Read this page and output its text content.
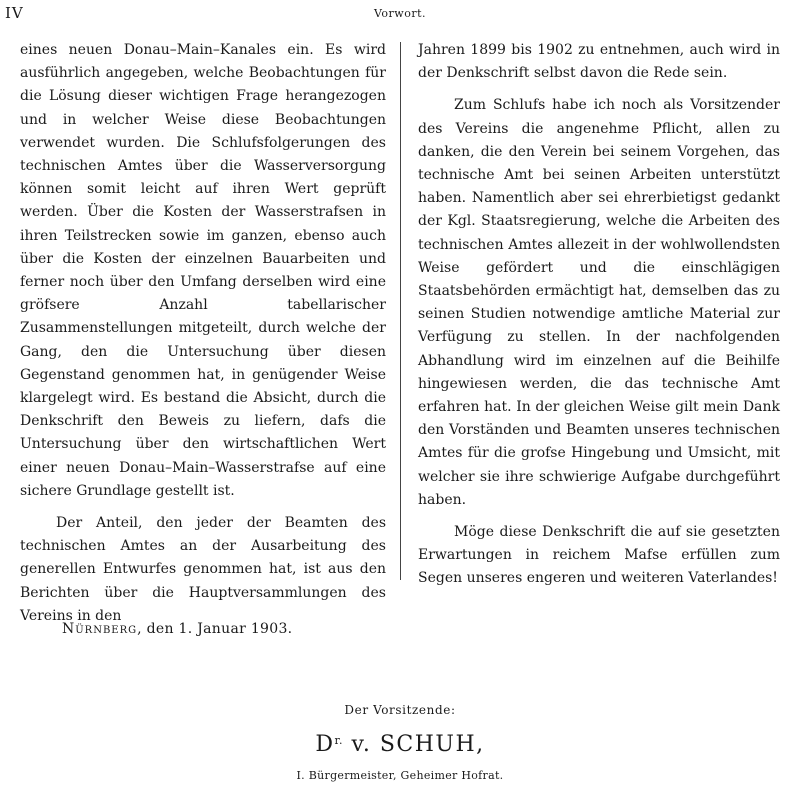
IV	Vorwort.

eines neuen Donau–Main–Kanales ein. Es wird ausführlich angegeben, welche Beobachtungen für die Lösung dieser wichtigen Frage herangezogen und in welcher Weise diese Beobachtungen verwendet wurden. Die Schlufsfolgerungen des technischen Amtes über die Wasserversorgung können somit leicht auf ihren Wert geprüft werden. Über die Kosten der Wasserstrafsen in ihren Teilstrecken sowie im ganzen, ebenso auch über die Kosten der einzelnen Bauarbeiten und ferner noch über den Umfang derselben wird eine gröfsere Anzahl tabellarischer Zusammenstellungen mitgeteilt, durch welche der Gang, den die Untersuchung über diesen Gegenstand genommen hat, in genügender Weise klargelegt wird. Es bestand die Absicht, durch die Denkschrift den Beweis zu liefern, dafs die Untersuchung über den wirtschaftlichen Wert einer neuen Donau–Main–Wasserstrafse auf eine sichere Grundlage gestellt ist.

Der Anteil, den jeder der Beamten des technischen Amtes an der Ausarbeitung des generellen Entwurfes genommen hat, ist aus den Berichten über die Hauptversammlungen des Vereins in den

Jahren 1899 bis 1902 zu entnehmen, auch wird in der Denkschrift selbst davon die Rede sein.

Zum Schlufs habe ich noch als Vorsitzender des Vereins die angenehme Pflicht, allen zu danken, die den Verein bei seinem Vorgehen, das technische Amt bei seinen Arbeiten unterstützt haben. Namentlich aber sei ehrerbietigst gedankt der Kgl. Staatsregierung, welche die Arbeiten des technischen Amtes allezeit in der wohlwollendsten Weise gefördert und die einschlägigen Staatsbehörden ermächtigt hat, demselben das zu seinen Studien notwendige amtliche Material zur Verfügung zu stellen. In der nachfolgenden Abhandlung wird im einzelnen auf die Beihilfe hingewiesen werden, die das technische Amt erfahren hat. In der gleichen Weise gilt mein Dank den Vorständen und Beamten unseres technischen Amtes für die grofse Hingebung und Umsicht, mit welcher sie ihre schwierige Aufgabe durchgeführt haben.

Möge diese Denkschrift die auf sie gesetzten Erwartungen in reichem Mafse erfüllen zum Segen unseres engeren und weiteren Vaterlandes!

Nürnberg, den 1. Januar 1903.
Der Vorsitzende:
$D^{r.}$ v. SCHUH,
I. Bürgermeister, Geheimer Hofrat.
